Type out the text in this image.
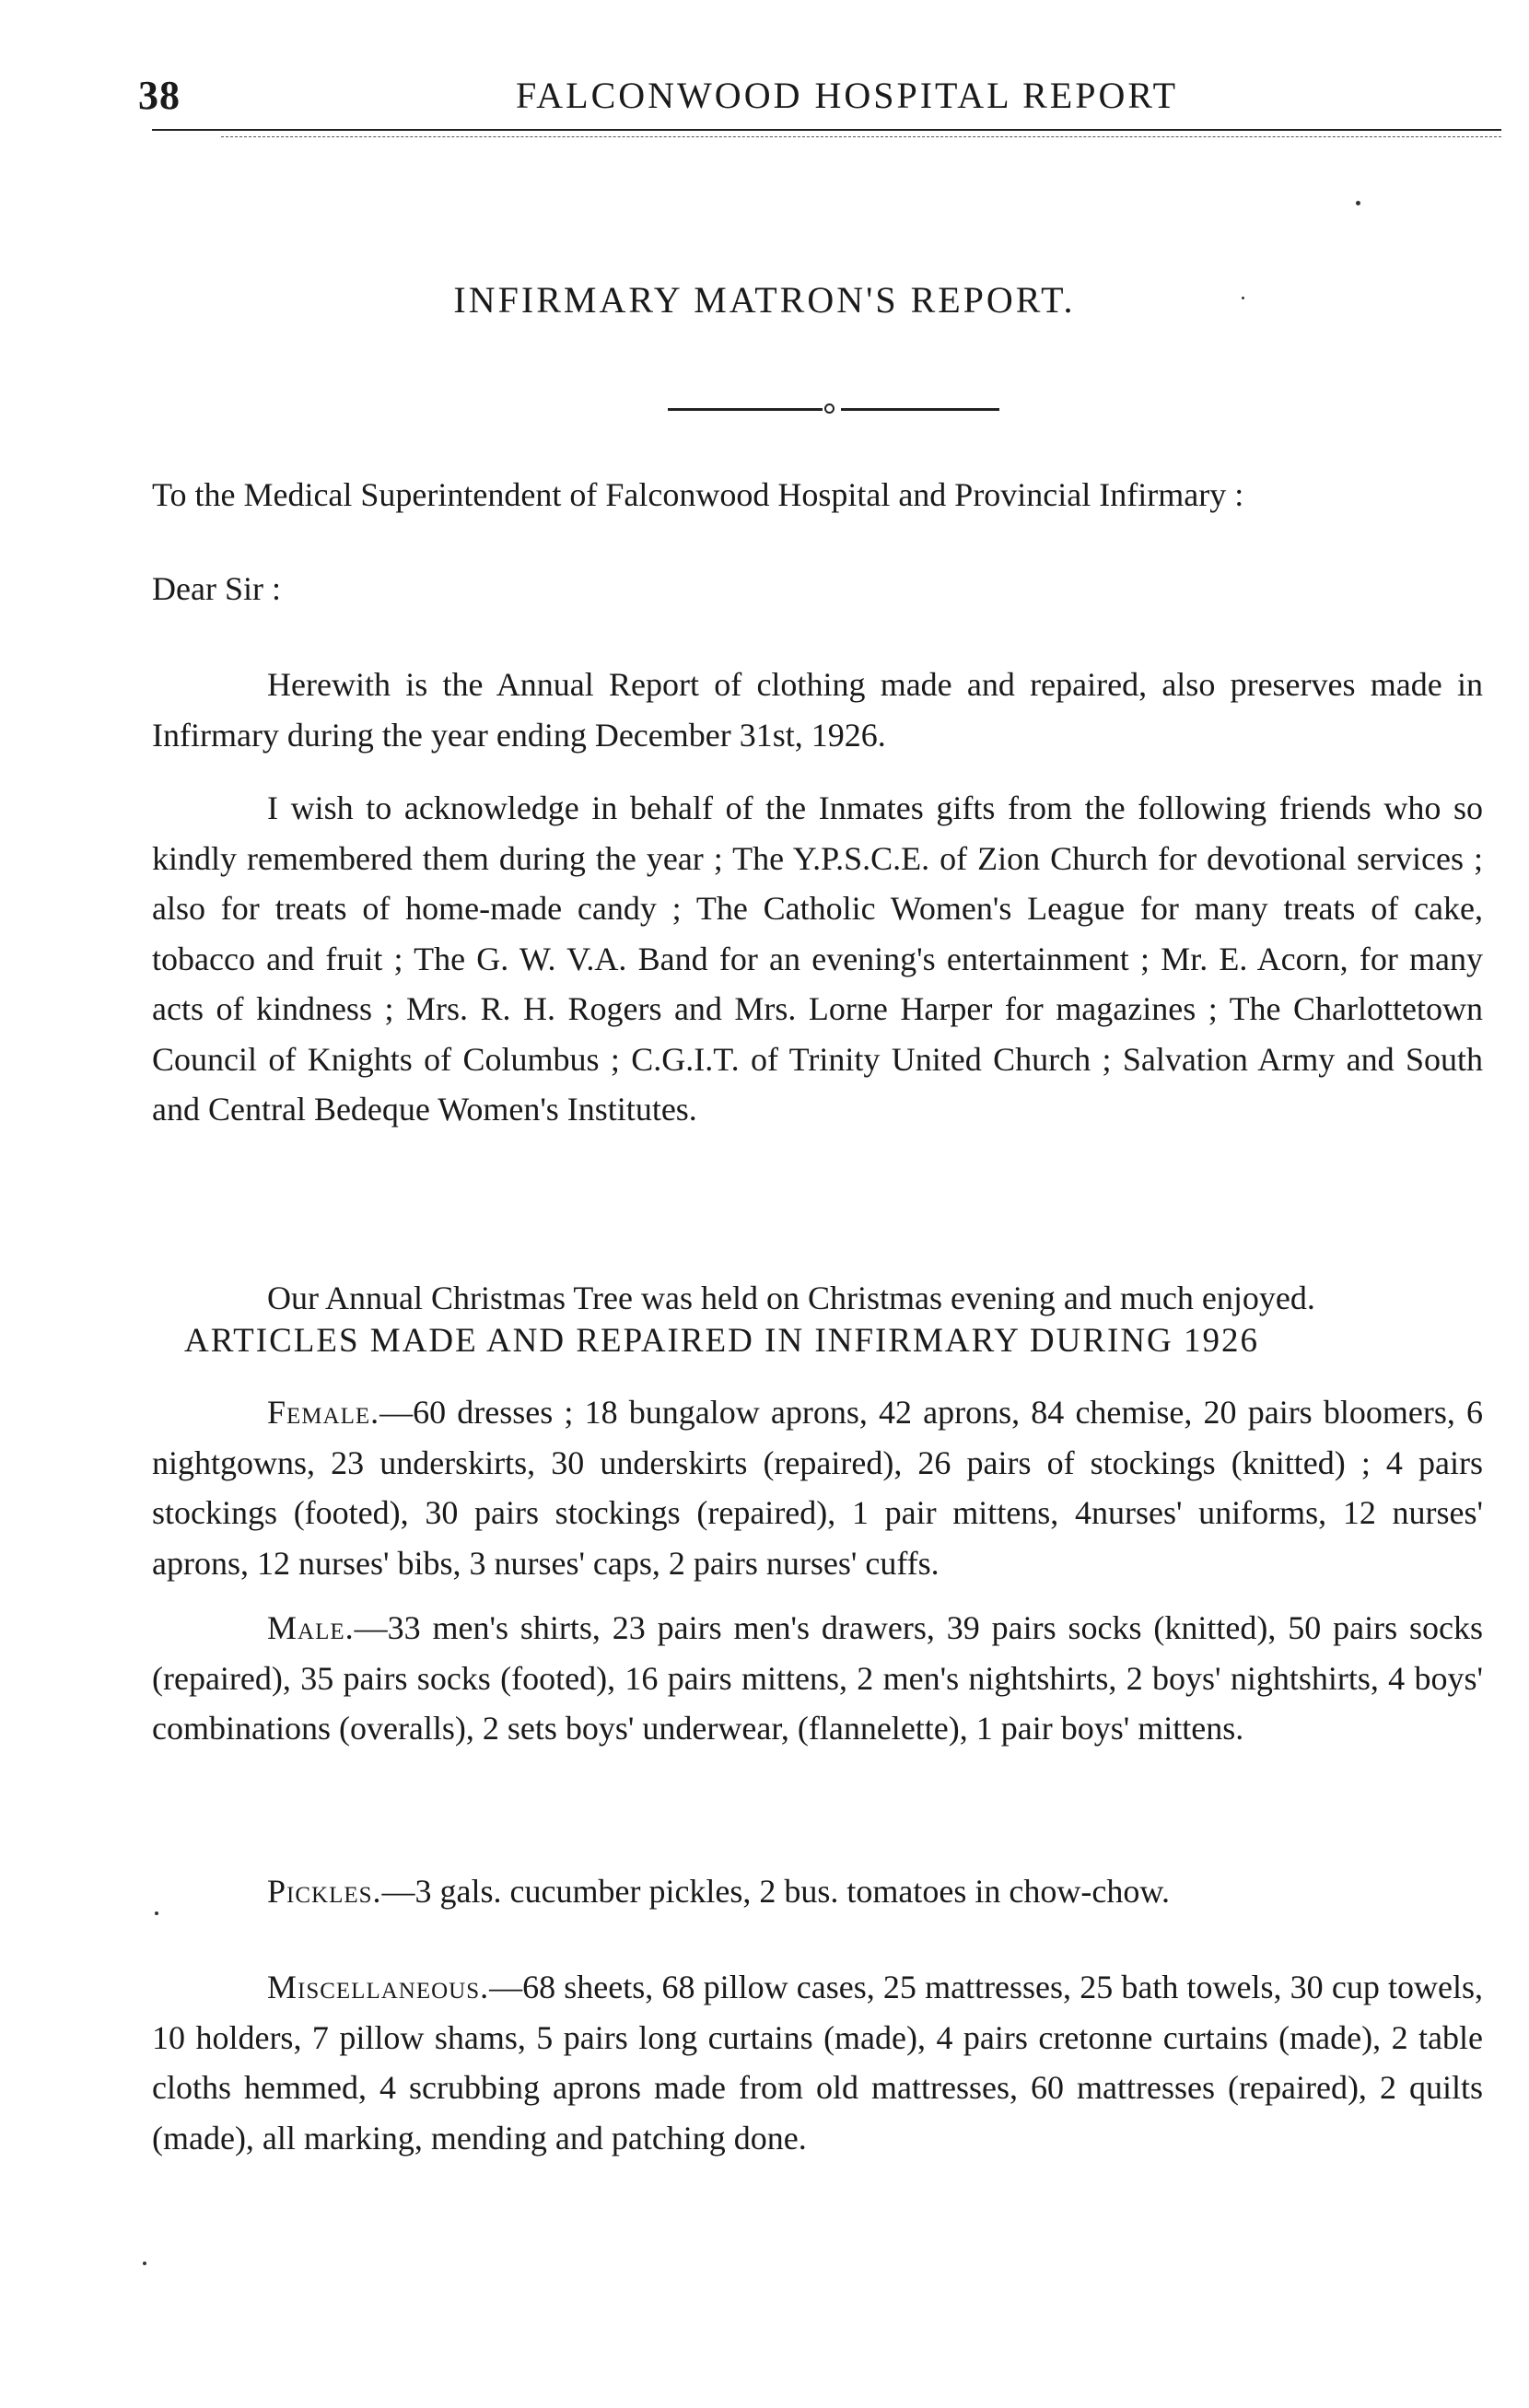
38	FALCONWOOD HOSPITAL REPORT
INFIRMARY MATRON'S REPORT.
To the Medical Superintendent of Falconwood Hospital and Provincial Infirmary :
Dear Sir :

Herewith is the Annual Report of clothing made and repaired, also preserves made in Infirmary during the year ending December 31st, 1926.

I wish to acknowledge in behalf of the Inmates gifts from the following friends who so kindly remembered them during the year ; The Y.P.S.C.E. of Zion Church for devotional services ; also for treats of home-made candy ; The Catholic Women's League for many treats of cake, tobacco and fruit ; The G. W. V.A. Band for an evening's entertainment ; Mr. E. Acorn, for many acts of kindness ; Mrs. R. H. Rogers and Mrs. Lorne Harper for magazines ; The Charlottetown Council of Knights of Columbus ; C.G.I.T. of Trinity United Church ; Salvation Army and South and Central Bedeque Women's Institutes.

Our Annual Christmas Tree was held on Christmas evening and much enjoyed.

ARTICLES MADE AND REPAIRED IN INFIRMARY DURING 1926

Female.—60 dresses ; 18 bungalow aprons, 42 aprons, 84 chemise, 20 pairs bloomers, 6 nightgowns, 23 underskirts, 30 underskirts (repaired), 26 pairs of stockings (knitted) ; 4 pairs stockings (footed), 30 pairs stockings (repaired), 1 pair mittens, 4nurses' uniforms, 12 nurses' aprons, 12 nurses' bibs, 3 nurses' caps, 2 pairs nurses' cuffs.

Male.—33 men's shirts, 23 pairs men's drawers, 39 pairs socks (knitted), 50 pairs socks (repaired), 35 pairs socks (footed), 16 pairs mittens, 2 men's nightshirts, 2 boys' nightshirts, 4 boys' combinations (overalls), 2 sets boys' underwear, (flannelette), 1 pair boys' mittens.

Pickles.—3 gals. cucumber pickles, 2 bus. tomatoes in chow-chow.

Miscellaneous.—68 sheets, 68 pillow cases, 25 mattresses, 25 bath towels, 30 cup towels, 10 holders, 7 pillow shams, 5 pairs long curtains (made), 4 pairs cretonne curtains (made), 2 table cloths hemmed, 4 scrubbing aprons made from old mattresses, 60 mattresses (repaired), 2 quilts (made), all marking, mending and patching done.
